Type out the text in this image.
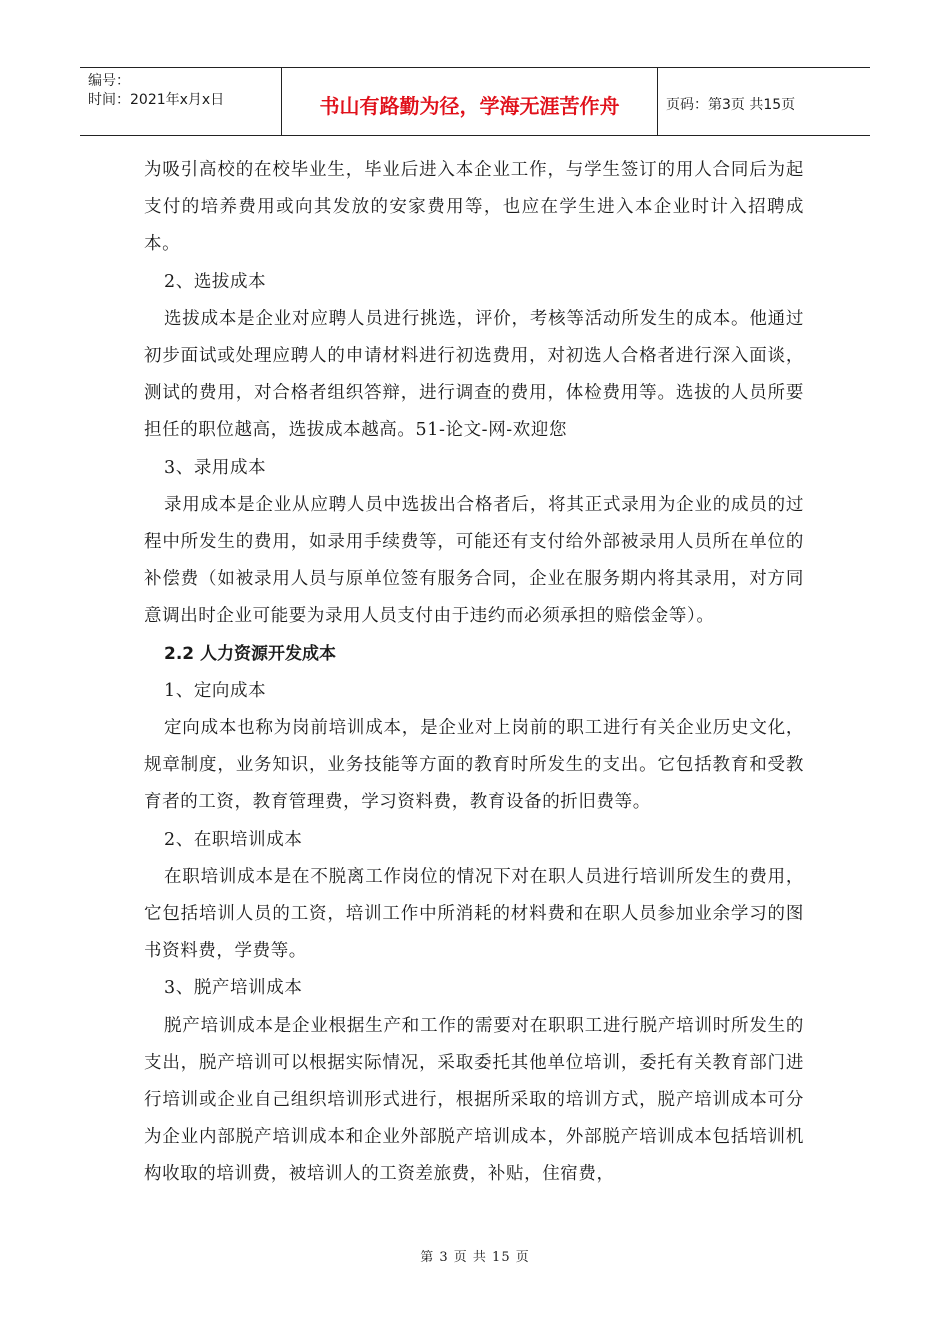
编号：
时间：2021年x月x日	书山有路勤为径，学海无涯苦作舟	页码：第3页 共15页

为吸引高校的在校毕业生，毕业后进入本企业工作，与学生签订的用人合同后为起支付的培养费用或向其发放的安家费用等，也应在学生进入本企业时计入招聘成本。

2、选拔成本

选拔成本是企业对应聘人员进行挑选，评价，考核等活动所发生的成本。他通过初步面试或处理应聘人的申请材料进行初选费用，对初选人合格者进行深入面谈，测试的费用，对合格者组织答辩，进行调查的费用，体检费用等。选拔的人员所要担任的职位越高，选拔成本越高。51-论文-网-欢迎您

3、录用成本

录用成本是企业从应聘人员中选拔出合格者后，将其正式录用为企业的成员的过程中所发生的费用，如录用手续费等，可能还有支付给外部被录用人员所在单位的补偿费（如被录用人员与原单位签有服务合同，企业在服务期内将其录用，对方同意调出时企业可能要为录用人员支付由于违约而必须承担的赔偿金等）。

2.2 人力资源开发成本

1、定向成本

定向成本也称为岗前培训成本，是企业对上岗前的职工进行有关企业历史文化，规章制度，业务知识，业务技能等方面的教育时所发生的支出。它包括教育和受教育者的工资，教育管理费，学习资料费，教育设备的折旧费等。

2、在职培训成本

在职培训成本是在不脱离工作岗位的情况下对在职人员进行培训所发生的费用，它包括培训人员的工资，培训工作中所消耗的材料费和在职人员参加业余学习的图书资料费，学费等。

3、脱产培训成本

脱产培训成本是企业根据生产和工作的需要对在职职工进行脱产培训时所发生的支出，脱产培训可以根据实际情况，采取委托其他单位培训，委托有关教育部门进行培训或企业自己组织培训形式进行，根据所采取的培训方式，脱产培训成本可分为企业内部脱产培训成本和企业外部脱产培训成本，外部脱产培训成本包括培训机构收取的培训费，被培训人的工资差旅费，补贴，住宿费，

第 3 页 共 15 页
